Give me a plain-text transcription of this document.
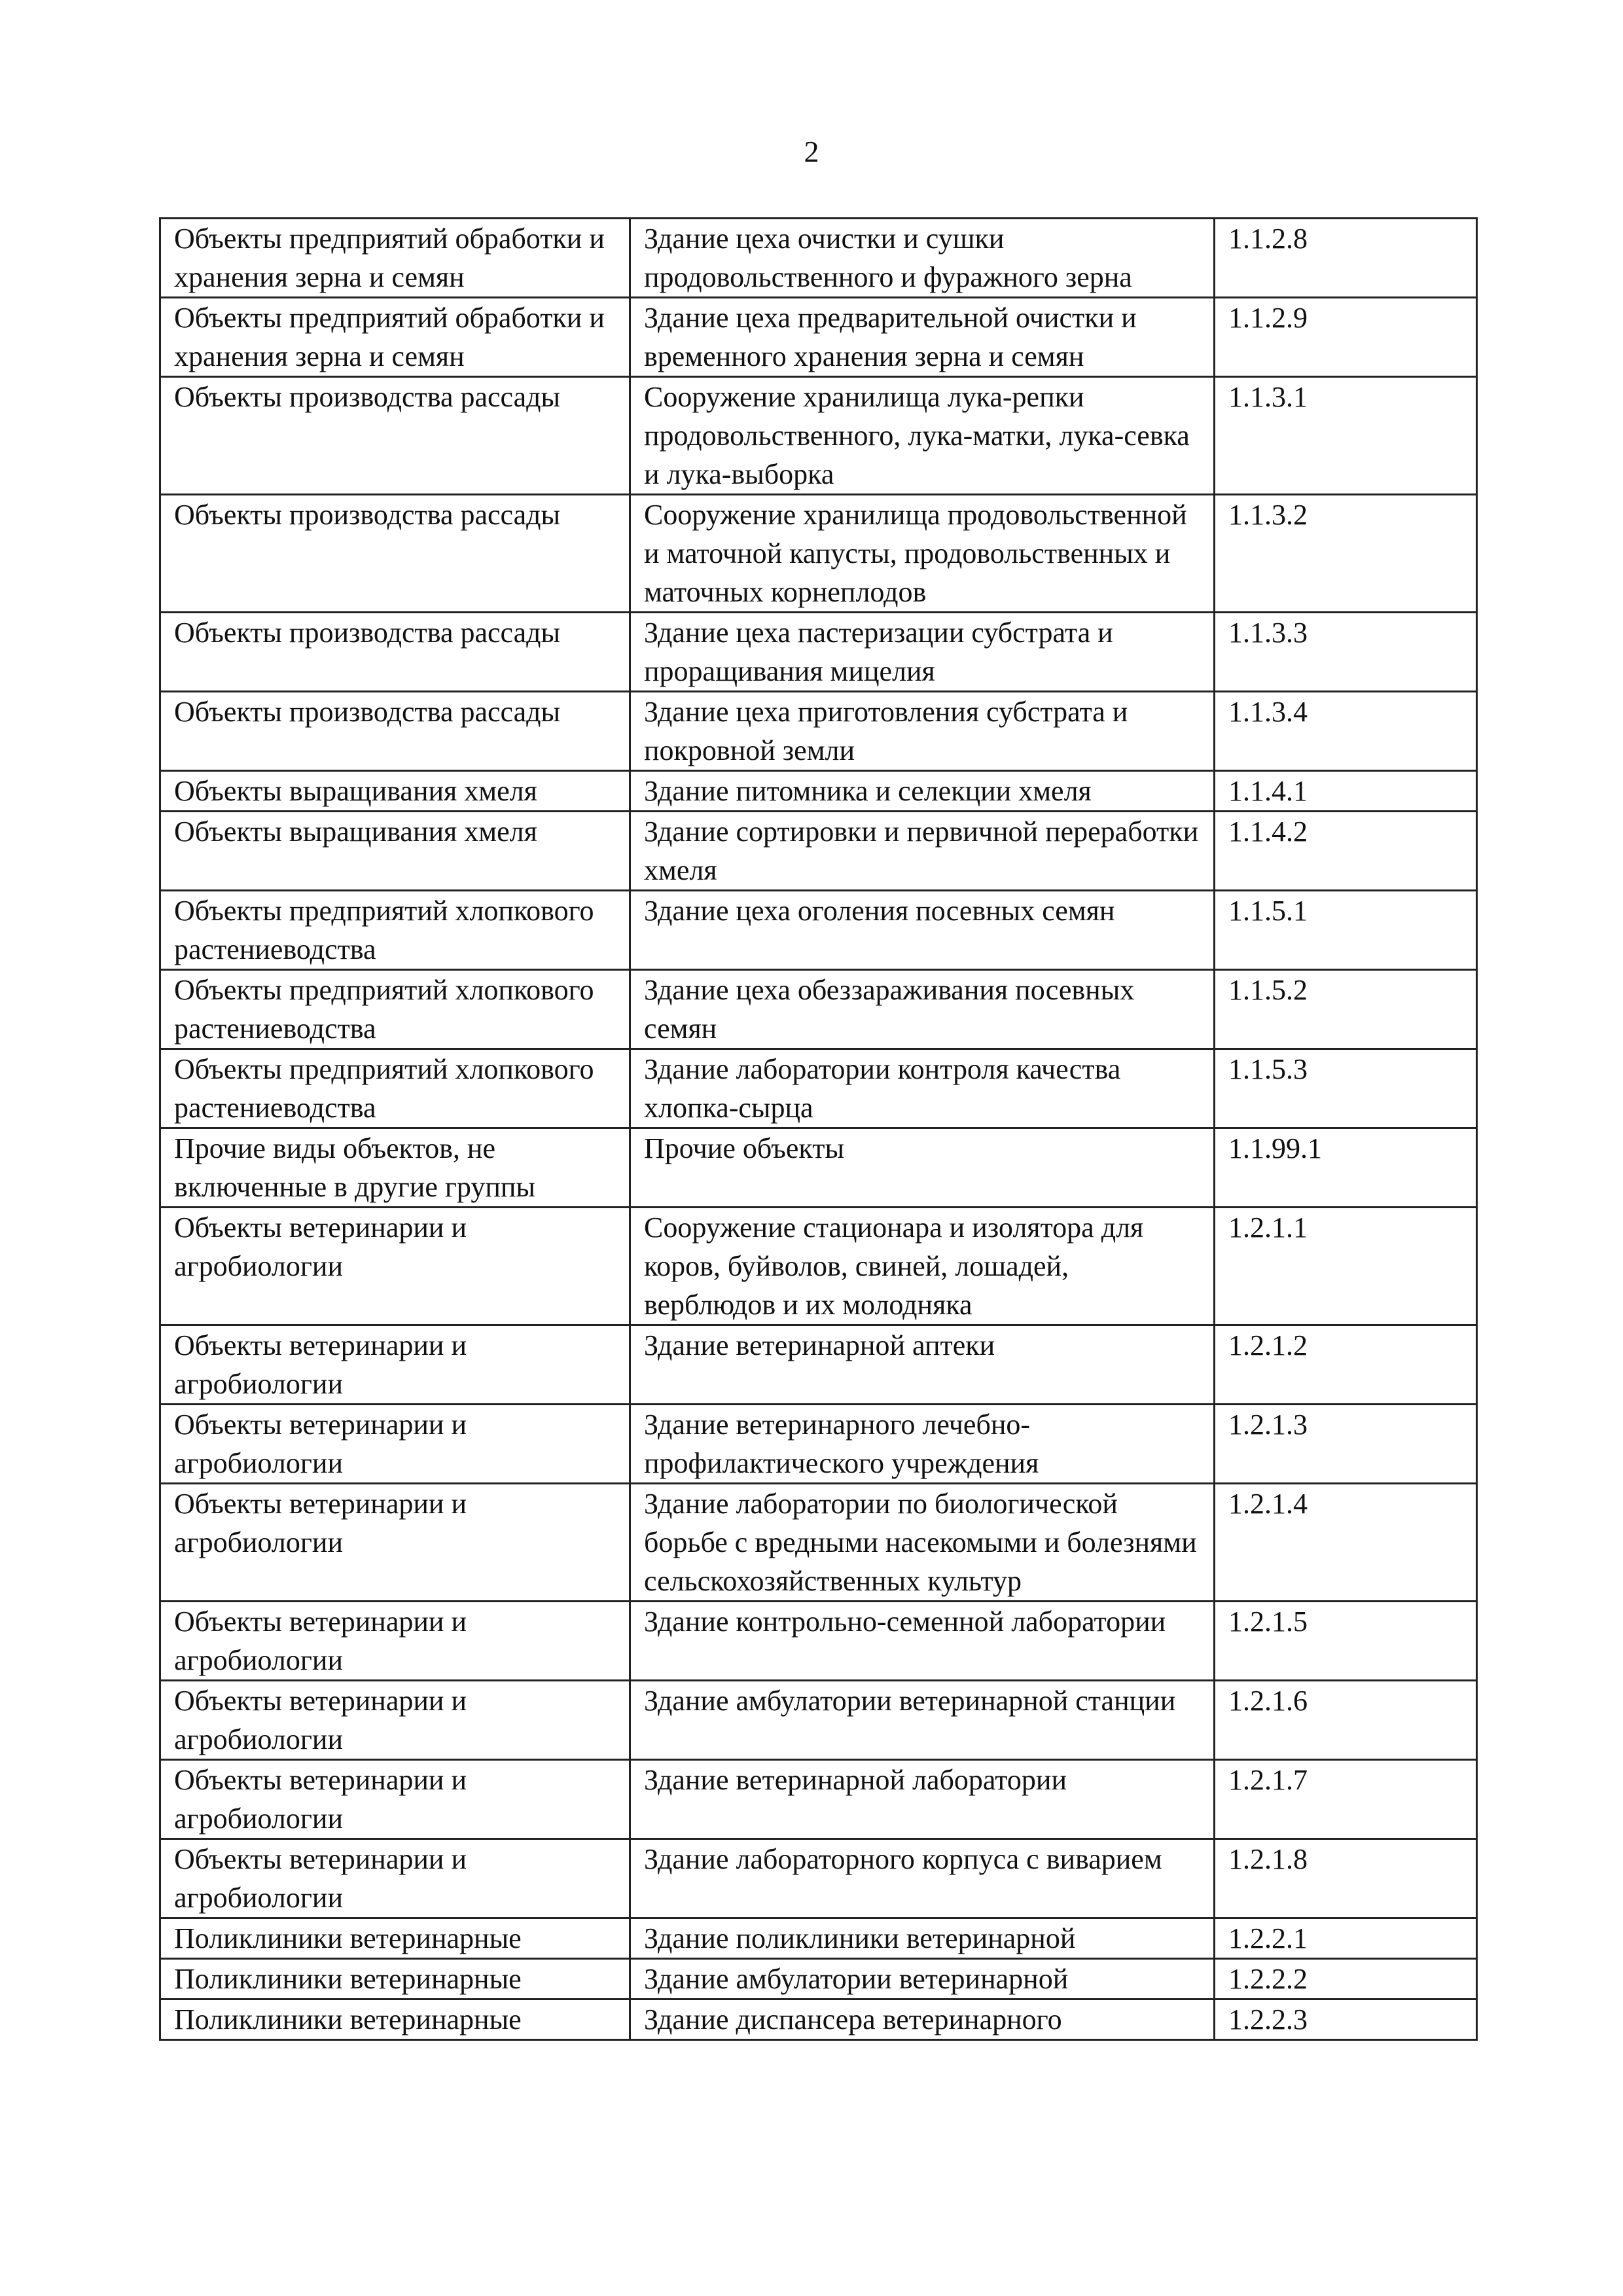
2
Объекты предприятий обработки и хранения зерна и семян	Здание цеха очистки и сушки продовольственного и фуражного зерна	1.1.2.8
Объекты предприятий обработки и хранения зерна и семян	Здание цеха предварительной очистки и временного хранения зерна и семян	1.1.2.9
Объекты производства рассады	Сооружение хранилища лука-репки продовольственного, лука-матки, лука-севка и лука-выборка	1.1.3.1
Объекты производства рассады	Сооружение хранилища продовольственной и маточной капусты, продовольственных и маточных корнеплодов	1.1.3.2
Объекты производства рассады	Здание цеха пастеризации субстрата и проращивания мицелия	1.1.3.3
Объекты производства рассады	Здание цеха приготовления субстрата и покровной земли	1.1.3.4
Объекты выращивания хмеля	Здание питомника и селекции хмеля	1.1.4.1
Объекты выращивания хмеля	Здание сортировки и первичной переработки хмеля	1.1.4.2
Объекты предприятий хлопкового растениеводства	Здание цеха оголения посевных семян	1.1.5.1
Объекты предприятий хлопкового растениеводства	Здание цеха обеззараживания посевных семян	1.1.5.2
Объекты предприятий хлопкового растениеводства	Здание лаборатории контроля качества хлопка-сырца	1.1.5.3
Прочие виды объектов, не включенные в другие группы	Прочие объекты	1.1.99.1
Объекты ветеринарии и агробиологии	Сооружение стационара и изолятора для коров, буйволов, свиней, лошадей, верблюдов и их молодняка	1.2.1.1
Объекты ветеринарии и агробиологии	Здание ветеринарной аптеки	1.2.1.2
Объекты ветеринарии и агробиологии	Здание ветеринарного лечебно-профилактического учреждения	1.2.1.3
Объекты ветеринарии и агробиологии	Здание лаборатории по биологической борьбе с вредными насекомыми и болезнями сельскохозяйственных культур	1.2.1.4
Объекты ветеринарии и агробиологии	Здание контрольно-семенной лаборатории	1.2.1.5
Объекты ветеринарии и агробиологии	Здание амбулатории ветеринарной станции	1.2.1.6
Объекты ветеринарии и агробиологии	Здание ветеринарной лаборатории	1.2.1.7
Объекты ветеринарии и агробиологии	Здание лабораторного корпуса с виварием	1.2.1.8
Поликлиники ветеринарные	Здание поликлиники ветеринарной	1.2.2.1
Поликлиники ветеринарные	Здание амбулатории ветеринарной	1.2.2.2
Поликлиники ветеринарные	Здание диспансера ветеринарного	1.2.2.3
